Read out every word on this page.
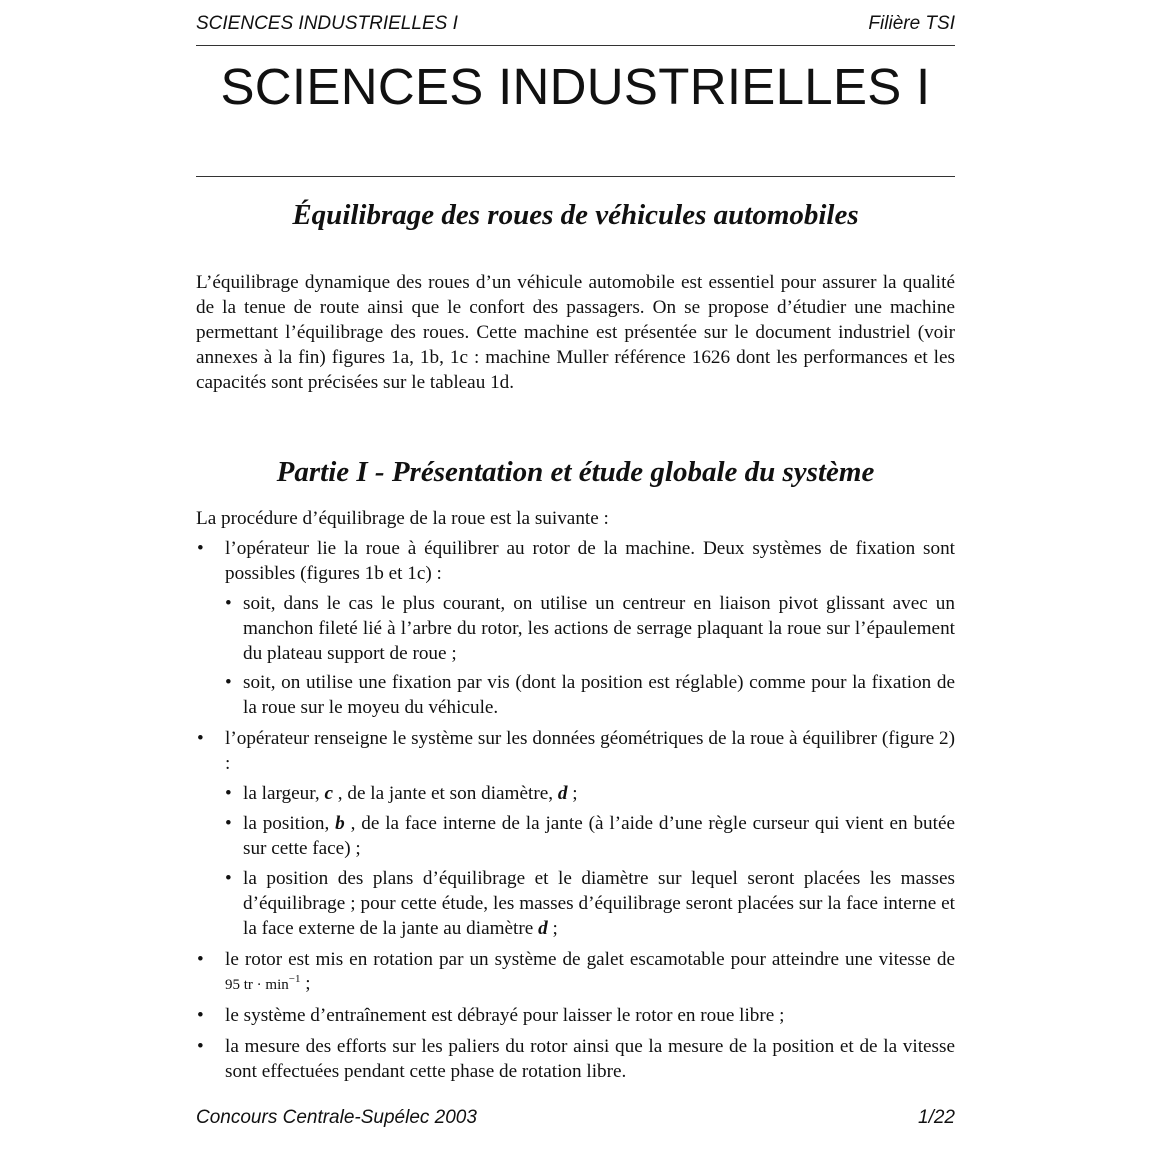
SCIENCES INDUSTRIELLES I	Filière TSI
SCIENCES INDUSTRIELLES I
Équilibrage des roues de véhicules automobiles

L’équilibrage dynamique des roues d’un véhicule automobile est essentiel pour assurer la qualité de la tenue de route ainsi que le confort des passagers. On se propose d’étudier une machine permettant l’équilibrage des roues. Cette machine est présentée sur le document industriel (voir annexes à la fin) figures 1a, 1b, 1c : machine Muller référence 1626 dont les performances et les capacités sont précisées sur le tableau 1d.

Partie I - Présentation et étude globale du système

La procédure d’équilibrage de la roue est la suivante :

• l’opérateur lie la roue à équilibrer au rotor de la machine. Deux systèmes de fixation sont possibles (figures 1b et 1c) :
• soit, dans le cas le plus courant, on utilise un centreur en liaison pivot glissant avec un manchon fileté lié à l’arbre du rotor, les actions de serrage plaquant la roue sur l’épaulement du plateau support de roue ;
• soit, on utilise une fixation par vis (dont la position est réglable) comme pour la fixation de la roue sur le moyeu du véhicule.
• l’opérateur renseigne le système sur les données géométriques de la roue à équilibrer (figure 2) :
• la largeur, c , de la jante et son diamètre, d ;
• la position, b , de la face interne de la jante (à l’aide d’une règle curseur qui vient en butée sur cette face) ;
• la position des plans d’équilibrage et le diamètre sur lequel seront placées les masses d’équilibrage ; pour cette étude, les masses d’équilibrage seront placées sur la face interne et la face externe de la jante au diamètre d ;
• le rotor est mis en rotation par un système de galet escamotable pour atteindre une vitesse de 95 tr · $\min^{-1}$ ;
• le système d’entraînement est débrayé pour laisser le rotor en roue libre ;
• la mesure des efforts sur les paliers du rotor ainsi que la mesure de la position et de la vitesse sont effectuées pendant cette phase de rotation libre.
Concours Centrale-Supélec 2003	1/22
